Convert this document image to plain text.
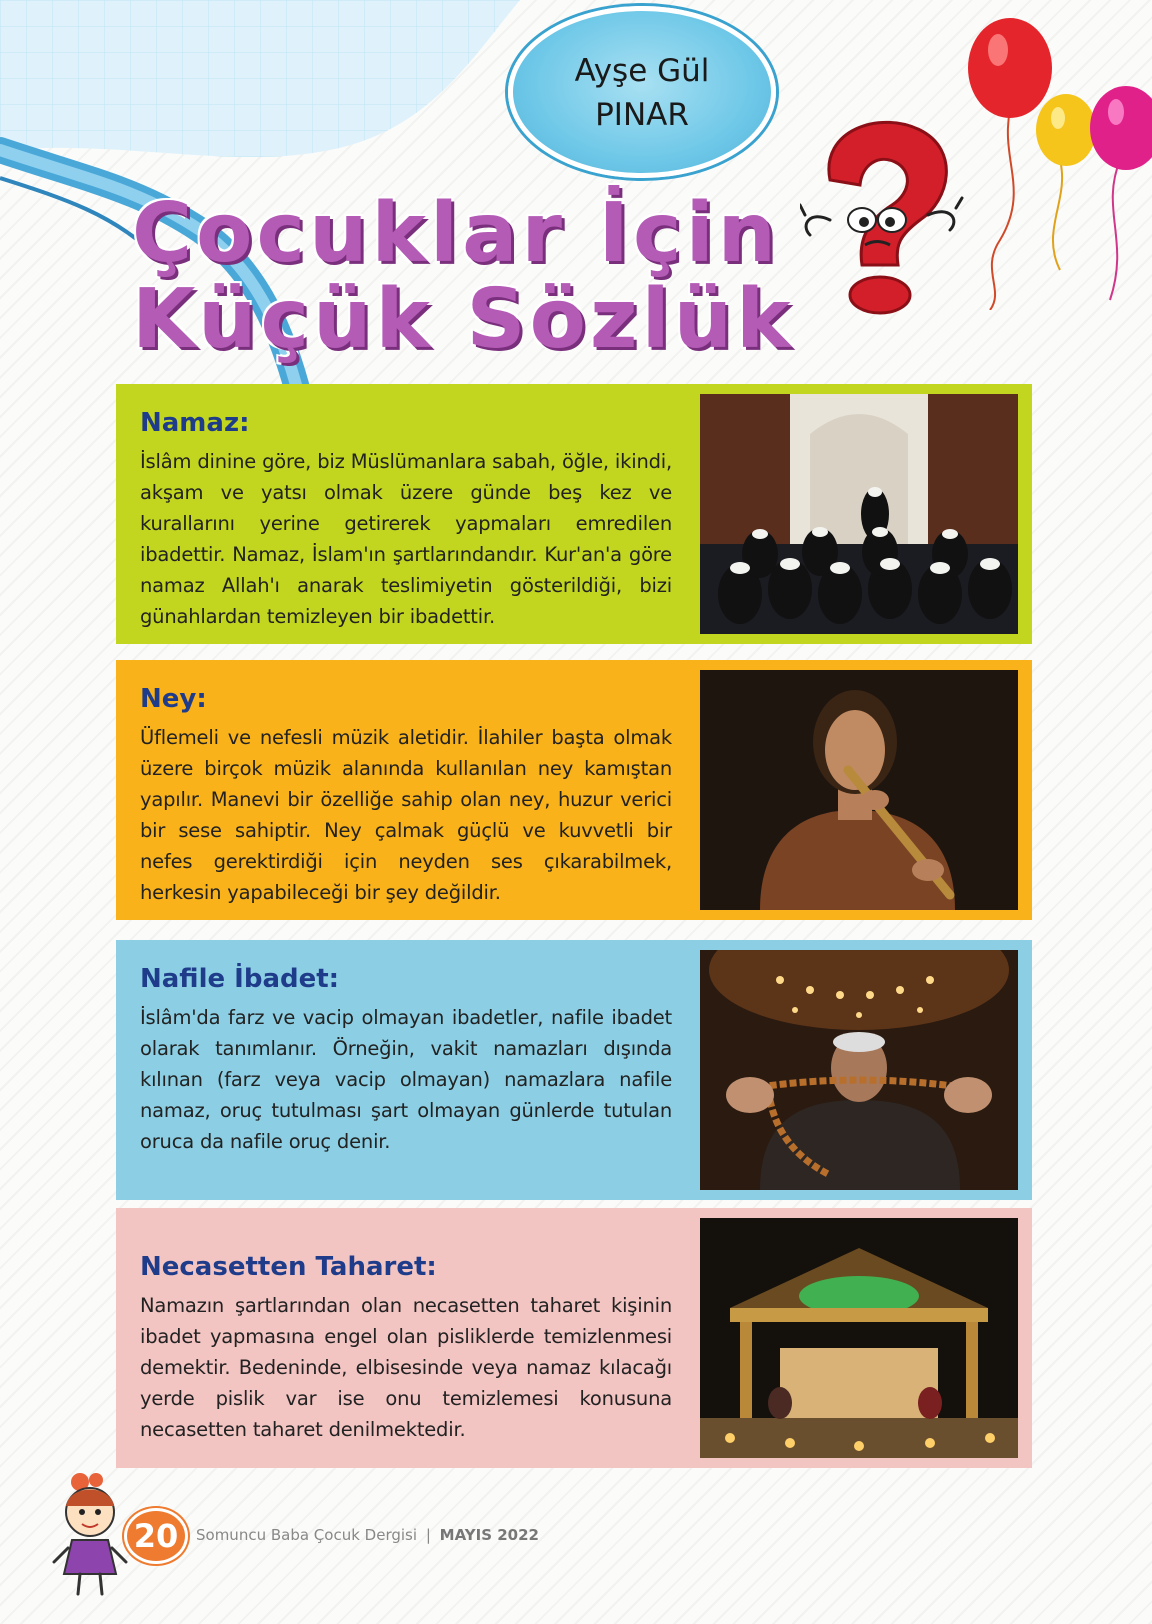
Ayşe Gül
PINAR
Çocuklar İçin
Küçük Sözlük
Namaz:

İslâm dinine göre, biz Müslümanlara sabah, öğle, ikindi, akşam ve yatsı olmak üzere günde beş kez ve kurallarını yerine getirerek yapmaları emredilen ibadettir. Namaz, İslam'ın şartlarındandır. Kur'an'a göre namaz Allah'ı anarak teslimiyetin gösterildiği, bizi günahlardan temizleyen bir ibadettir.

Ney:

Üflemeli ve nefesli müzik aletidir. İlahiler başta olmak üzere birçok müzik alanında kullanılan ney kamıştan yapılır. Manevi bir özelliğe sahip olan ney, huzur verici bir sese sahiptir. Ney çalmak güçlü ve kuvvetli bir nefes gerektirdiği için neyden ses çıkarabilmek, herkesin yapabileceği bir şey değildir.

Nafile İbadet:

İslâm'da farz ve vacip olmayan ibadetler, nafile ibadet olarak tanımlanır. Örneğin, vakit namazları dışında kılınan (farz veya vacip olmayan) namazlara nafile namaz, oruç tutulması şart olmayan günlerde tutulan oruca da nafile oruç denir.

Necasetten Taharet:

Namazın şartlarından olan necasetten taharet kişinin ibadet yapmasına engel olan pisliklerde temizlenmesi demektir. Bedeninde, elbisesinde veya namaz kılacağı yerde pislik var ise onu temizlemesi konusuna necasetten taharet denilmektedir.

20	Somuncu Baba Çocuk Dergisi | MAYIS 2022
